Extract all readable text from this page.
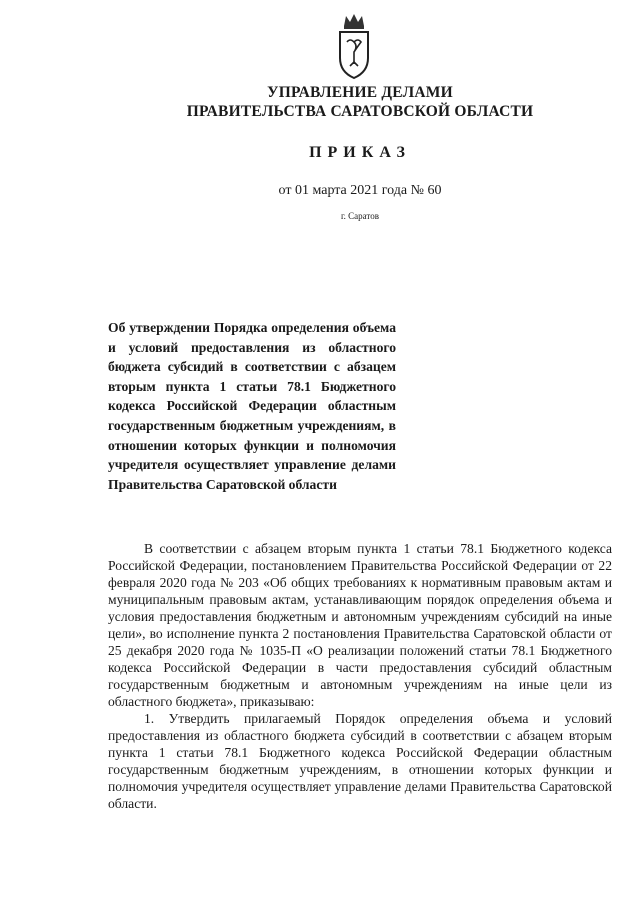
УПРАВЛЕНИЕ ДЕЛАМИ
ПРАВИТЕЛЬСТВА САРАТОВСКОЙ ОБЛАСТИ
ПРИКАЗ
от 01 марта 2021 года № 60
г. Саратов
Об утверждении Порядка определения объема и условий предоставления из областного бюджета субсидий в соответствии с абзацем вторым пункта 1 статьи 78.1 Бюджетного кодекса Российской Федерации областным государственным бюджетным учреждениям, в отношении которых функции и полномочия учредителя осуществляет управление делами Правительства Саратовской области

В соответствии с абзацем вторым пункта 1 статьи 78.1 Бюджетного кодекса Российской Федерации, постановлением Правительства Российской Федерации от 22 февраля 2020 года № 203 «Об общих требованиях к нормативным правовым актам и муниципальным правовым актам, устанавливающим порядок определения объема и условия предоставления бюджетным и автономным учреждениям субсидий на иные цели», во исполнение пункта 2 постановления Правительства Саратовской области от 25 декабря 2020 года № 1035-П «О реализации положений статьи 78.1 Бюджетного кодекса Российской Федерации в части предоставления субсидий областным государственным бюджетным и автономным учреждениям на иные цели из областного бюджета», приказываю:

1. Утвердить прилагаемый Порядок определения объема и условий предоставления из областного бюджета субсидий в соответствии с абзацем вторым пункта 1 статьи 78.1 Бюджетного кодекса Российской Федерации областным государственным бюджетным учреждениям, в отношении которых функции и полномочия учредителя осуществляет управление делами Правительства Саратовской области.
